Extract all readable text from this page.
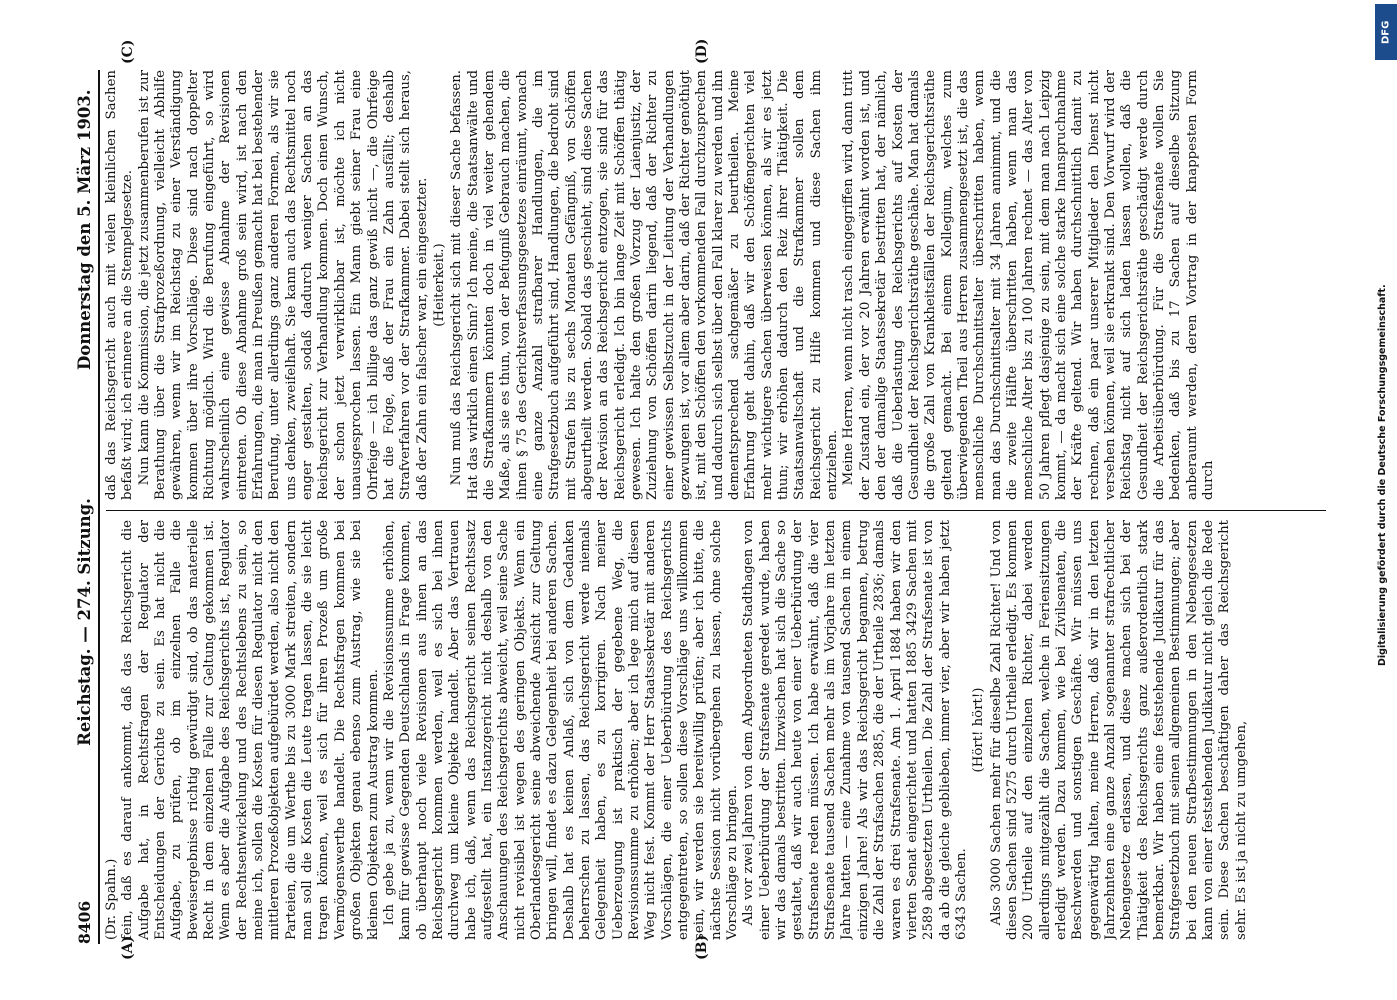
8406
Reichstag. — 274. Sitzung.
Donnerstag den 5. März 1903.
(A)	(B)
(C)	(D)

(Dr. Spahn.) fein, daß es darauf ankommt, daß das Reichsgericht die Aufgabe hat, in Rechtsfragen der Regulator der Entscheidungen der Gerichte zu sein. Es hat nicht die Aufgabe, zu prüfen, ob im einzelnen Falle die Beweisergebnisse richtig gewürdigt sind, ob das materielle Recht in dem einzelnen Falle zur Geltung gekommen ist. Wenn es aber die Aufgabe des Reichsgerichts ist, Regulator der Rechtsentwickelung und des Rechtslebens zu sein, so meine ich, sollen die Kosten für diesen Regulator nicht den mittleren Prozeßobjekten aufgebürdet werden, also nicht den Parteien, die um Werthe bis zu 3000 Mark streiten, sondern man soll die Kosten die Leute tragen lassen, die sie leicht tragen können, weil es sich für ihren Prozeß um große Vermögenswerthe handelt. Die Rechtsfragen kommen bei großen Objekten genau ebenso zum Austrag, wie sie bei kleinen Objekten zum Austrag kommen. Ich gebe ja zu, wenn wir die Revisionssumme erhöhen, kann für gewisse Gegenden Deutschlands in Frage kommen, ob überhaupt noch viele Revisionen aus ihnen an das Reichsgericht kommen werden, weil es sich bei ihnen durchweg um kleine Objekte handelt. Aber das Vertrauen habe ich, daß, wenn das Reichsgericht seinen Rechtssatz aufgestellt hat, ein Instanzgericht nicht deshalb von den Anschauungen des Reichsgerichts abweicht, weil seine Sache nicht revisibel ist wegen des geringen Objekts. Wenn ein Oberlandesgericht seine abweichende Ansicht zur Geltung bringen will, findet es dazu Gelegenheit bei anderen Sachen. Deshalb hat es keinen Anlaß, sich von dem Gedanken beherrschen zu lassen, das Reichsgericht werde niemals Gelegenheit haben, es zu korrigiren. Nach meiner Ueberzeugung ist praktisch der gegebene Weg, die Revisionssumme zu erhöhen; aber ich lege mich auf diesen Weg nicht fest. Kommt der Herr Staatssekretär mit anderen Vorschlägen, die einer Ueberbürdung des Reichsgerichts entgegentreten, so sollen diese Vorschläge uns willkommen sein, wir werden sie bereitwillig prüfen; aber ich bitte, die nächste Session nicht vorübergehen zu lassen, ohne solche Vorschläge zu bringen. Als vor zwei Jahren von dem Abgeordneten Stadthagen von einer Ueberbürdung der Strafsenate geredet wurde, haben wir das damals bestritten. Inzwischen hat sich die Sache so gestaltet, daß wir auch heute von einer Ueberbürdung der Strafsenate reden müssen. Ich habe erwähnt, daß die vier Strafsenate tausend Sachen mehr als im Vorjahre im letzten Jahre hatten — eine Zunahme von tausend Sachen in einem einzigen Jahre! Als wir das Reichsgericht begannen, betrug die Zahl der Strafsachen 2885, die der Urtheile 2836; damals waren es drei Strafsenate. Am 1. April 1884 haben wir den vierten Senat eingerichtet und hatten 1885 3429 Sachen mit 2589 abgesetzten Urtheilen. Die Zahl der Strafsenate ist von da ab die gleiche geblieben, immer vier, aber wir haben jetzt 6343 Sachen.

(Hört! hört!) Also 3000 Sachen mehr für dieselbe Zahl Richter! Und von diesen Sachen sind 5275 durch Urtheile erledigt. Es kommen 200 Urtheile auf den einzelnen Richter, dabei werden allerdings mitgezählt die Sachen, welche in Feriensitzungen erledigt werden. Dazu kommen, wie bei Zivilsenaten, die Beschwerden und sonstigen Geschäfte. Wir müssen uns gegenwärtig halten, meine Herren, daß wir in den letzten Jahrzehnten eine ganze Anzahl sogenannter strafrechtlicher Nebengesetze erlassen, und diese machen sich bei der Thätigkeit des Reichsgerichts ganz außerordentlich stark bemerkbar. Wir haben eine feststehende Judikatur für das Strafgesetzbuch mit seinen allgemeinen Bestimmungen; aber bei den neuen Strafbestimmungen in den Nebengesetzen kann von einer feststehenden Judikatur nicht gleich die Rede sein. Diese Sachen beschäftigen daher das Reichsgericht sehr. Es ist ja nicht zu umgehen,

daß das Reichsgericht auch mit vielen kleinlichen Sachen befaßt wird; ich erinnere an die Stempelgesetze. Nun kann die Kommission, die jetzt zusammenberufen ist zur Berathung über die Strafprozeßordnung, vielleicht Abhilfe gewähren, wenn wir im Reichstag zu einer Verständigung kommen über ihre Vorschläge. Diese sind nach doppelter Richtung möglich. Wird die Berufung eingeführt, so wird wahrscheinlich eine gewisse Abnahme der Revisionen eintreten. Ob diese Abnahme groß sein wird, ist nach den Erfahrungen, die man in Preußen gemacht hat bei bestehender Berufung, unter allerdings ganz anderen Formen, als wir sie uns denken, zweifelhaft. Sie kann auch das Rechtsmittel noch enger gestalten, sodaß dadurch weniger Sachen an das Reichsgericht zur Verhandlung kommen. Doch einen Wunsch, der schon jetzt verwirklichbar ist, möchte ich nicht unausgesprochen lassen. Ein Mann giebt seiner Frau eine Ohrfeige — ich billige das ganz gewiß nicht —, die Ohrfeige hat die Folge, daß der Frau ein Zahn ausfällt; deshalb Strafverfahren vor der Strafkammer. Dabei stellt sich heraus, daß der Zahn ein falscher war, ein eingesetzter. (Heiterkeit.) Nun muß das Reichsgericht sich mit dieser Sache befassen. Hat das wirklich einen Sinn? Ich meine, die Staatsanwälte und die Strafkammern könnten doch in viel weiter gehendem Maße, als sie es thun, von der Befugniß Gebrauch machen, die ihnen § 75 des Gerichtsverfassungsgesetzes einräumt, wonach eine ganze Anzahl strafbarer Handlungen, die im Strafgesetzbuch aufgeführt sind, Handlungen, die bedroht sind mit Strafen bis zu sechs Monaten Gefängniß, von Schöffen abgeurtheilt werden. Sobald das geschieht, sind diese Sachen der Revision an das Reichsgericht entzogen, sie sind für das Reichsgericht erledigt. Ich bin lange Zeit mit Schöffen thätig gewesen. Ich halte den großen Vorzug der Laienjustiz, der Zuziehung von Schöffen darin liegend, daß der Richter zu einer gewissen Selbstzucht in der Leitung der Verhandlungen gezwungen ist, vor allem aber darin, daß der Richter genöthigt ist, mit den Schöffen den vorkommenden Fall durchzusprechen und dadurch sich selbst über den Fall klarer zu werden und ihn dementsprechend sachgemäßer zu beurtheilen. Meine Erfahrung geht dahin, daß wir den Schöffengerichten viel mehr wichtigere Sachen überweisen können, als wir es jetzt thun; wir erhöhen dadurch den Reiz ihrer Thätigkeit. Die Staatsanwaltschaft und die Strafkammer sollen dem Reichsgericht zu Hilfe kommen und diese Sachen ihm entziehen. Meine Herren, wenn nicht rasch eingegriffen wird, dann tritt der Zustand ein, der vor 20 Jahren erwähnt worden ist, und den der damalige Staatssekretär bestritten hat, der nämlich, daß die Ueberlastung des Reichsgerichts auf Kosten der Gesundheit der Reichsgerichtsräthe geschähe. Man hat damals die große Zahl von Krankheitsfällen der Reichsgerichtsräthe geltend gemacht. Bei einem Kollegium, welches zum überwiegenden Theil aus Herren zusammengesetzt ist, die das menschliche Durchschnittsalter überschritten haben, wenn man das Durchschnittsalter mit 34 Jahren annimmt, und die die zweite Hälfte überschritten haben, wenn man das menschliche Alter bis zu 100 Jahren rechnet — das Alter von 50 Jahren pflegt dasjenige zu sein, mit dem man nach Leipzig kommt, — da macht sich eine solche starke Inanspruchnahme der Kräfte geltend. Wir haben durchschnittlich damit zu rechnen, daß ein paar unserer Mitglieder den Dienst nicht versehen können, weil sie erkrankt sind. Den Vorwurf wird der Reichstag nicht auf sich laden lassen wollen, daß die Gesundheit der Reichsgerichtsräthe geschädigt werde durch die Arbeitsüberbürdung. Für die Strafsenate wollen Sie bedenken, daß bis zu 17 Sachen auf dieselbe Sitzung anberaumt werden, deren Vortrag in der knappesten Form durch

DFG
Digitalisierung gefördert durch die Deutsche Forschungsgemeinschaft.
